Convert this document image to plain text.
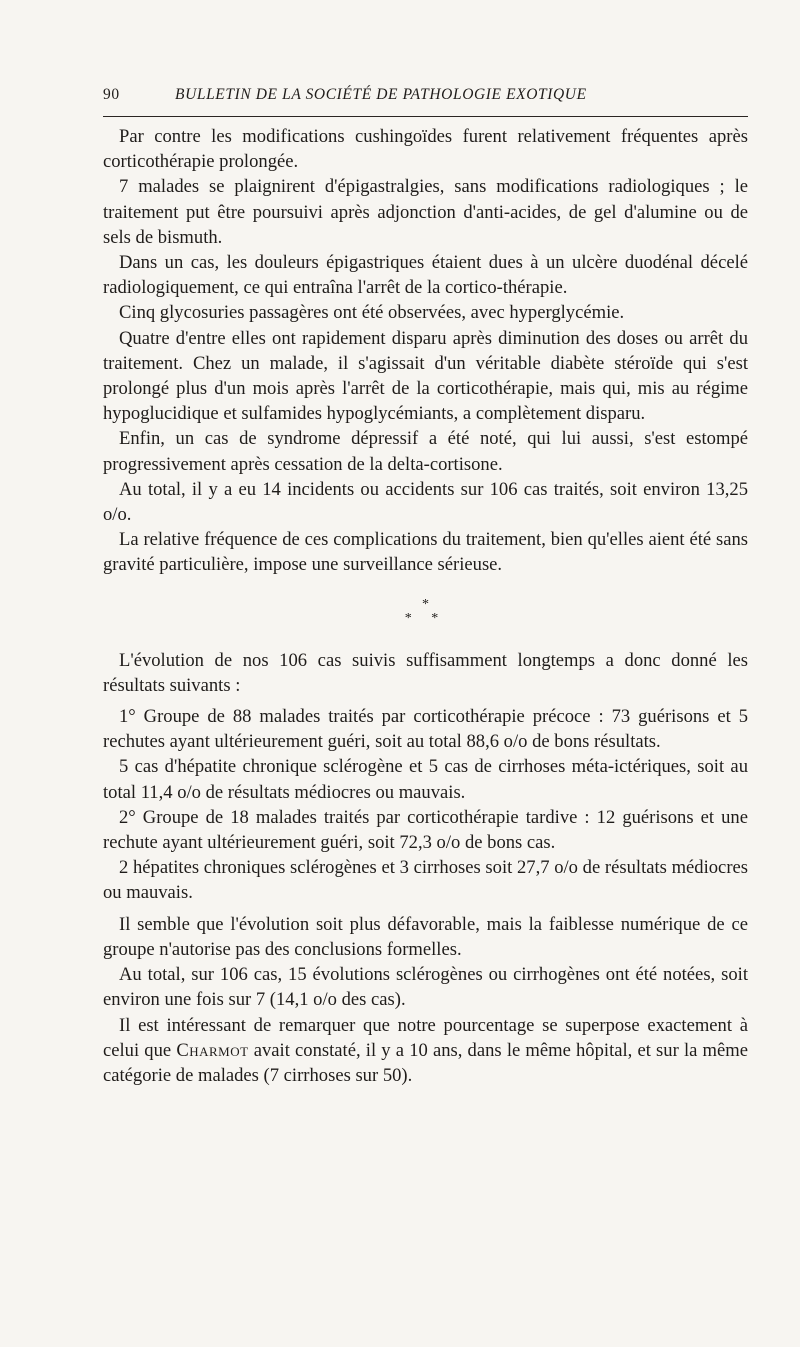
90	BULLETIN DE LA SOCIÉTÉ DE PATHOLOGIE EXOTIQUE

Par contre les modifications cushingoïdes furent relativement fréquentes après corticothérapie prolongée.

7 malades se plaignirent d'épigastralgies, sans modifications radiologiques ; le traitement put être poursuivi après adjonction d'anti-acides, de gel d'alumine ou de sels de bismuth.

Dans un cas, les douleurs épigastriques étaient dues à un ulcère duodénal décelé radiologiquement, ce qui entraîna l'arrêt de la cortico-thérapie.

Cinq glycosuries passagères ont été observées, avec hyperglycémie.

Quatre d'entre elles ont rapidement disparu après diminution des doses ou arrêt du traitement. Chez un malade, il s'agissait d'un véritable diabète stéroïde qui s'est prolongé plus d'un mois après l'arrêt de la corticothérapie, mais qui, mis au régime hypoglucidique et sulfamides hypoglycémiants, a complètement disparu.

Enfin, un cas de syndrome dépressif a été noté, qui lui aussi, s'est estompé progressivement après cessation de la delta-cortisone.

Au total, il y a eu 14 incidents ou accidents sur 106 cas traités, soit environ 13,25 o/o.

La relative fréquence de ces complications du traitement, bien qu'elles aient été sans gravité particulière, impose une surveillance sérieuse.

*
* *

L'évolution de nos 106 cas suivis suffisamment longtemps a donc donné les résultats suivants :

1° Groupe de 88 malades traités par corticothérapie précoce : 73 guérisons et 5 rechutes ayant ultérieurement guéri, soit au total 88,6 o/o de bons résultats.

5 cas d'hépatite chronique sclérogène et 5 cas de cirrhoses méta-ictériques, soit au total 11,4 o/o de résultats médiocres ou mauvais.

2° Groupe de 18 malades traités par corticothérapie tardive : 12 guérisons et une rechute ayant ultérieurement guéri, soit 72,3 o/o de bons cas.

2 hépatites chroniques sclérogènes et 3 cirrhoses soit 27,7 o/o de résultats médiocres ou mauvais.

Il semble que l'évolution soit plus défavorable, mais la faiblesse numérique de ce groupe n'autorise pas des conclusions formelles.

Au total, sur 106 cas, 15 évolutions sclérogènes ou cirrhogènes ont été notées, soit environ une fois sur 7 (14,1 o/o des cas).

Il est intéressant de remarquer que notre pourcentage se superpose exactement à celui que Charmot avait constaté, il y a 10 ans, dans le même hôpital, et sur la même catégorie de malades (7 cirrhoses sur 50).
